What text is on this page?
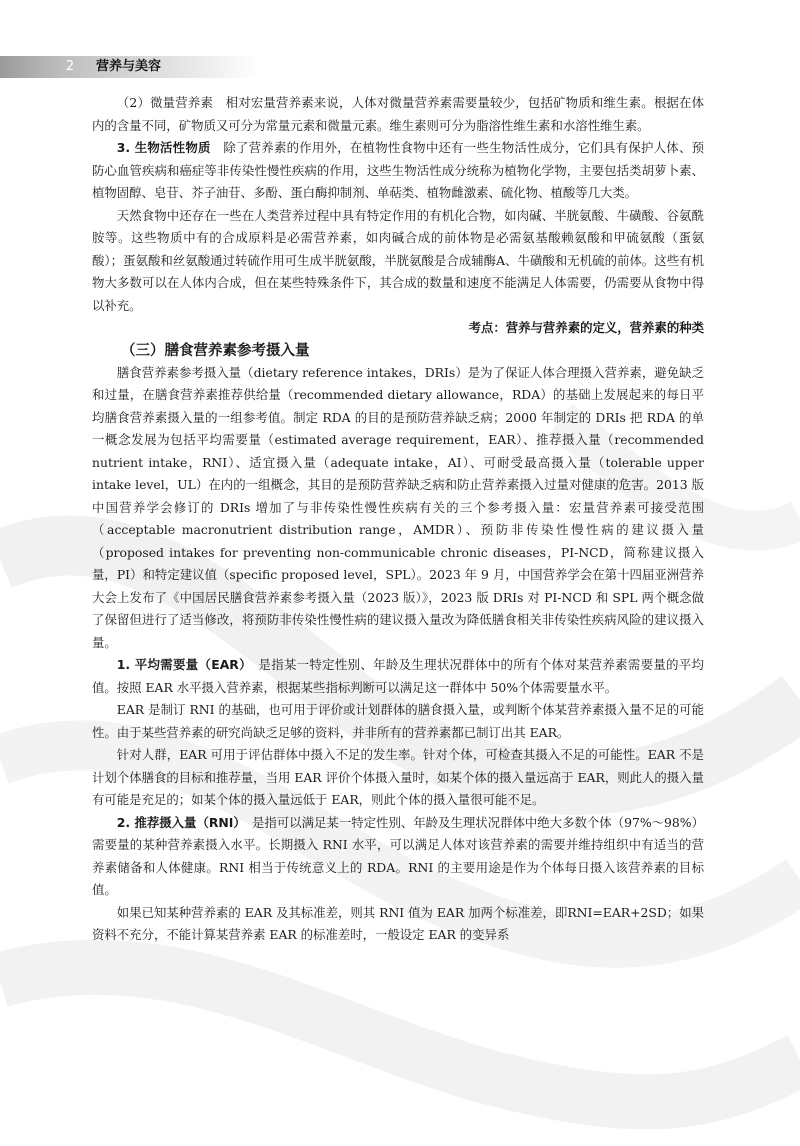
2	营养与美容

（2）微量营养素　相对宏量营养素来说，人体对微量营养素需要量较少，包括矿物质和维生素。根据在体内的含量不同，矿物质又可分为常量元素和微量元素。维生素则可分为脂溶性维生素和水溶性维生素。

3. 生物活性物质　除了营养素的作用外，在植物性食物中还有一些生物活性成分，它们具有保护人体、预防心血管疾病和癌症等非传染性慢性疾病的作用，这些生物活性成分统称为植物化学物，主要包括类胡萝卜素、植物固醇、皂苷、芥子油苷、多酚、蛋白酶抑制剂、单萜类、植物雌激素、硫化物、植酸等几大类。

天然食物中还存在一些在人类营养过程中具有特定作用的有机化合物，如肉碱、半胱氨酸、牛磺酸、谷氨酰胺等。这些物质中有的合成原料是必需营养素，如肉碱合成的前体物是必需氨基酸赖氨酸和甲硫氨酸（蛋氨酸）；蛋氨酸和丝氨酸通过转硫作用可生成半胱氨酸，半胱氨酸是合成辅酶A、牛磺酸和无机硫的前体。这些有机物大多数可以在人体内合成，但在某些特殊条件下，其合成的数量和速度不能满足人体需要，仍需要从食物中得以补充。

考点：营养与营养素的定义，营养素的种类

（三）膳食营养素参考摄入量

膳食营养素参考摄入量（dietary reference intakes，DRIs）是为了保证人体合理摄入营养素，避免缺乏和过量，在膳食营养素推荐供给量（recommended dietary allowance，RDA）的基础上发展起来的每日平均膳食营养素摄入量的一组参考值。制定 RDA 的目的是预防营养缺乏病；2000 年制定的 DRIs 把 RDA 的单一概念发展为包括平均需要量（estimated average requirement，EAR）、推荐摄入量（recommended nutrient intake，RNI）、适宜摄入量（adequate intake，AI）、可耐受最高摄入量（tolerable upper intake level，UL）在内的一组概念，其目的是预防营养缺乏病和防止营养素摄入过量对健康的危害。2013 版中国营养学会修订的 DRIs 增加了与非传染性慢性疾病有关的三个参考摄入量：宏量营养素可接受范围（acceptable macronutrient distribution range，AMDR）、预防非传染性慢性病的建议摄入量（proposed intakes for preventing non-communicable chronic diseases，PI-NCD，简称建议摄入量，PI）和特定建议值（specific proposed level，SPL）。2023 年 9 月，中国营养学会在第十四届亚洲营养大会上发布了《中国居民膳食营养素参考摄入量（2023 版）》，2023 版 DRIs 对 PI-NCD 和 SPL 两个概念做了保留但进行了适当修改，将预防非传染性慢性病的建议摄入量改为降低膳食相关非传染性疾病风险的建议摄入量。

1. 平均需要量（EAR）　是指某一特定性别、年龄及生理状况群体中的所有个体对某营养素需要量的平均值。按照 EAR 水平摄入营养素，根据某些指标判断可以满足这一群体中 50%个体需要量水平。

EAR 是制订 RNI 的基础，也可用于评价或计划群体的膳食摄入量，或判断个体某营养素摄入量不足的可能性。由于某些营养素的研究尚缺乏足够的资料，并非所有的营养素都已制订出其 EAR。

针对人群，EAR 可用于评估群体中摄入不足的发生率。针对个体，可检查其摄入不足的可能性。EAR 不是计划个体膳食的目标和推荐量，当用 EAR 评价个体摄入量时，如某个体的摄入量远高于 EAR，则此人的摄入量有可能是充足的；如某个体的摄入量远低于 EAR，则此个体的摄入量很可能不足。

2. 推荐摄入量（RNI）　是指可以满足某一特定性别、年龄及生理状况群体中绝大多数个体（97%～98%）需要量的某种营养素摄入水平。长期摄入 RNI 水平，可以满足人体对该营养素的需要并维持组织中有适当的营养素储备和人体健康。RNI 相当于传统意义上的 RDA。RNI 的主要用途是作为个体每日摄入该营养素的目标值。

如果已知某种营养素的 EAR 及其标准差，则其 RNI 值为 EAR 加两个标准差，即RNI=EAR+2SD；如果资料不充分，不能计算某营养素 EAR 的标准差时，一般设定 EAR 的变异系
